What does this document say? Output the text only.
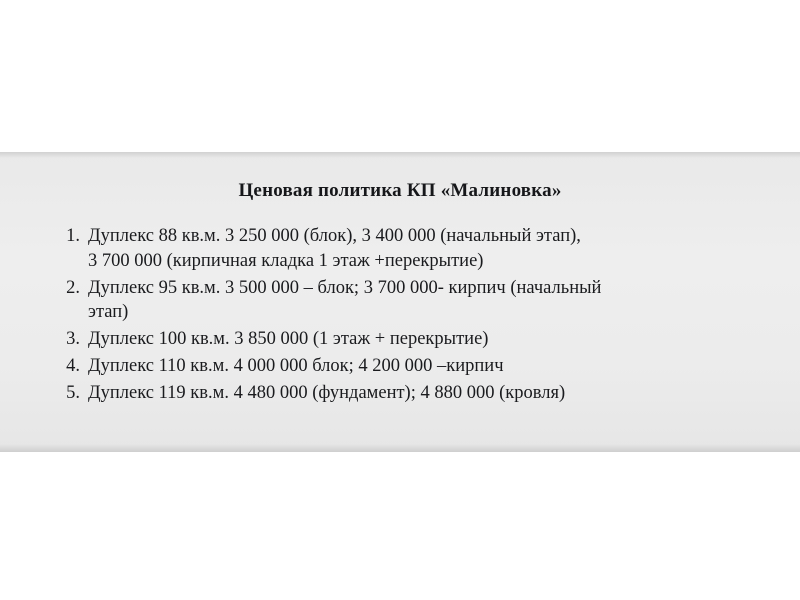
Ценовая политика КП «Малиновка»
1. Дуплекс 88 кв.м. 3 250 000 (блок), 3 400 000 (начальный этап),
3 700 000 (кирпичная кладка 1 этаж +перекрытие)
2. Дуплекс 95 кв.м. 3 500 000 – блок; 3 700 000- кирпич (начальный
этап)
3. Дуплекс 100 кв.м. 3 850 000 (1 этаж + перекрытие)
4. Дуплекс 110 кв.м. 4 000 000 блок; 4 200 000 –кирпич
5. Дуплекс 119 кв.м. 4 480 000 (фундамент); 4 880 000 (кровля)
